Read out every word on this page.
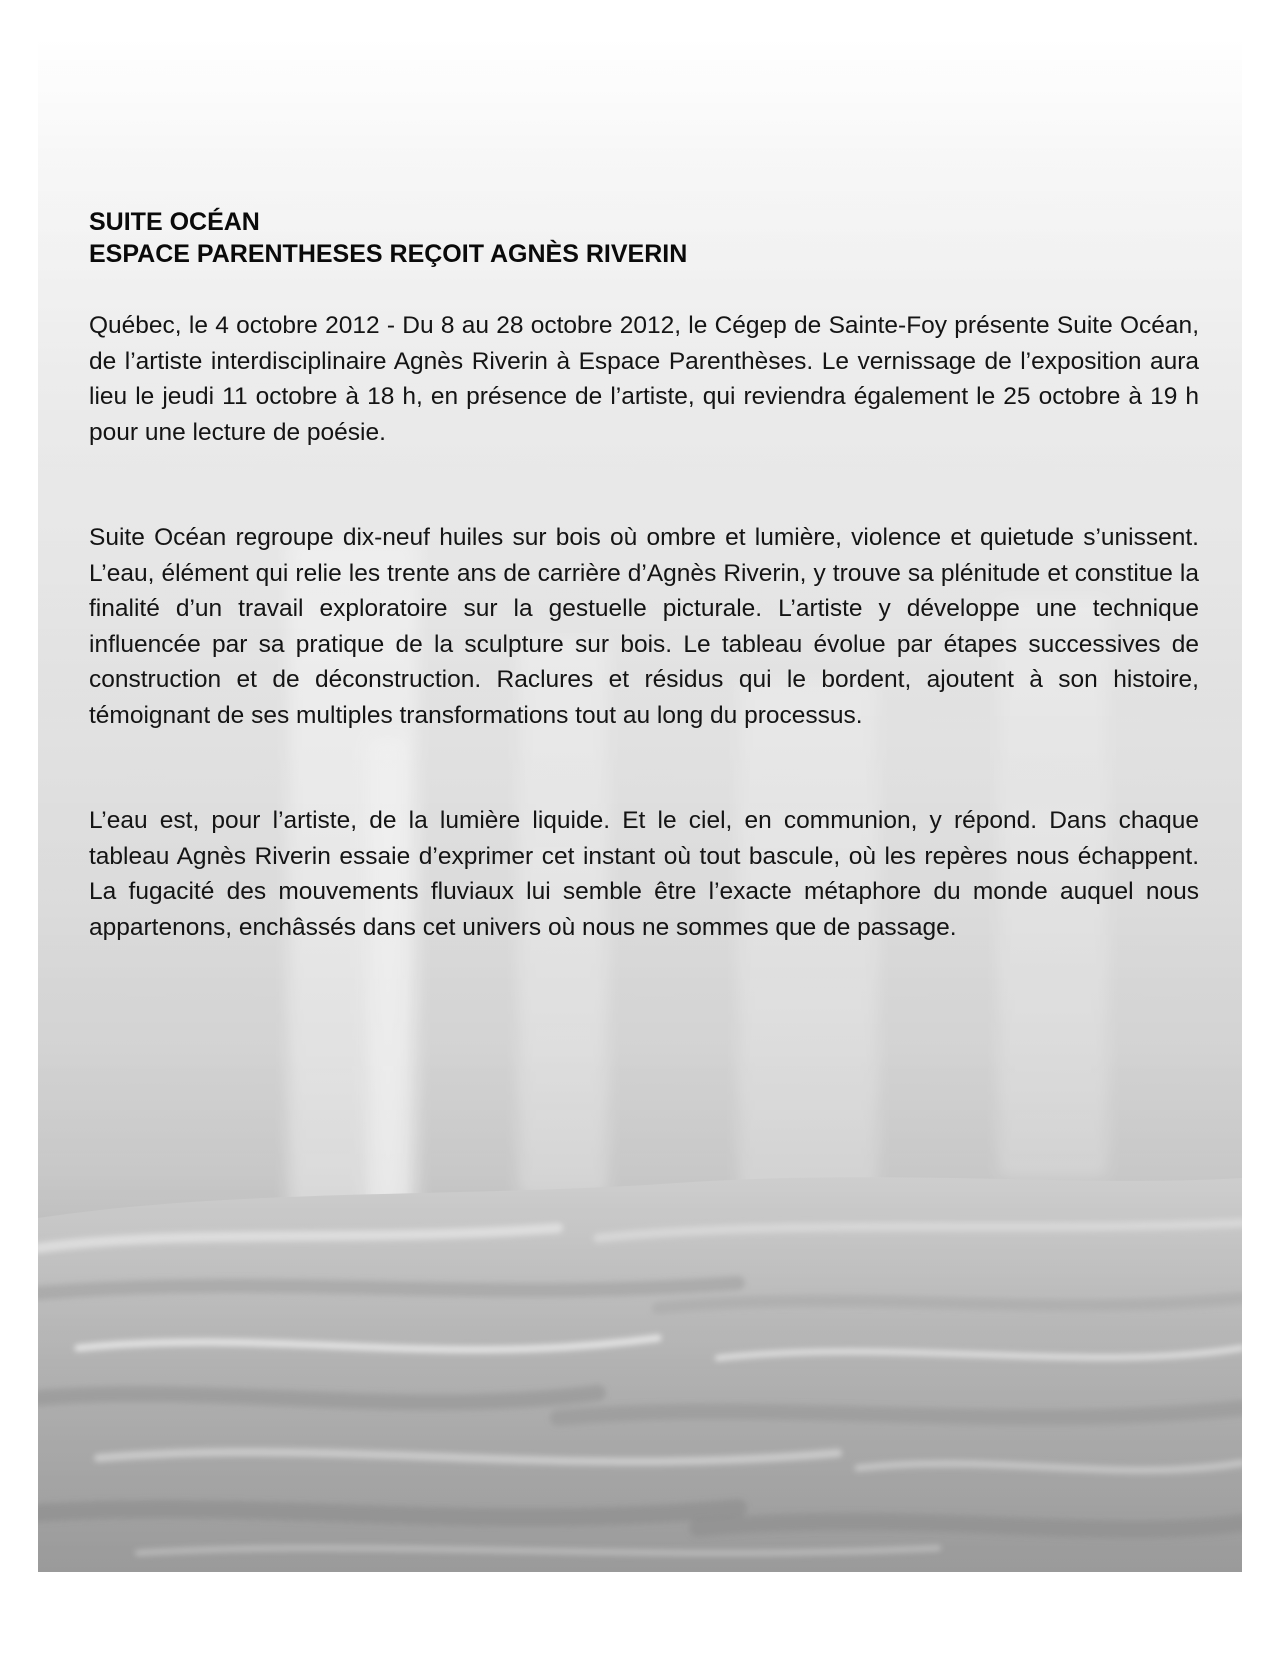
SUITE OCÉAN

ESPACE PARENTHESES REÇOIT AGNÈS RIVERIN

Québec, le 4 octobre 2012 - Du 8 au 28 octobre 2012, le Cégep de Sainte-Foy présente Suite Océan, de l’artiste interdisciplinaire Agnès Riverin à Espace Parenthèses. Le vernissage de l’exposition aura lieu le jeudi 11 octobre à 18 h, en présence de l’artiste, qui reviendra également le 25 octobre à 19 h pour une lecture de poésie.

Suite Océan regroupe dix-neuf huiles sur bois où ombre et lumière, violence et quietude s’unissent. L’eau, élément qui relie les trente ans de carrière d’Agnès Riverin, y trouve sa plénitude et constitue la finalité d’un travail exploratoire sur la gestuelle picturale. L’artiste y développe une technique influencée par sa pratique de la sculpture sur bois. Le tableau évolue par étapes successives de construction et de déconstruction. Raclures et résidus qui le bordent, ajoutent à son histoire, témoignant de ses multiples transformations tout au long du processus.

L’eau est, pour l’artiste, de la lumière liquide. Et le ciel, en communion, y répond. Dans chaque tableau Agnès Riverin essaie d’exprimer cet instant où tout bascule, où les repères nous échappent. La fugacité des mouvements fluviaux lui semble être l’exacte métaphore du monde auquel nous appartenons, enchâssés dans cet univers où nous ne sommes que de passage.
